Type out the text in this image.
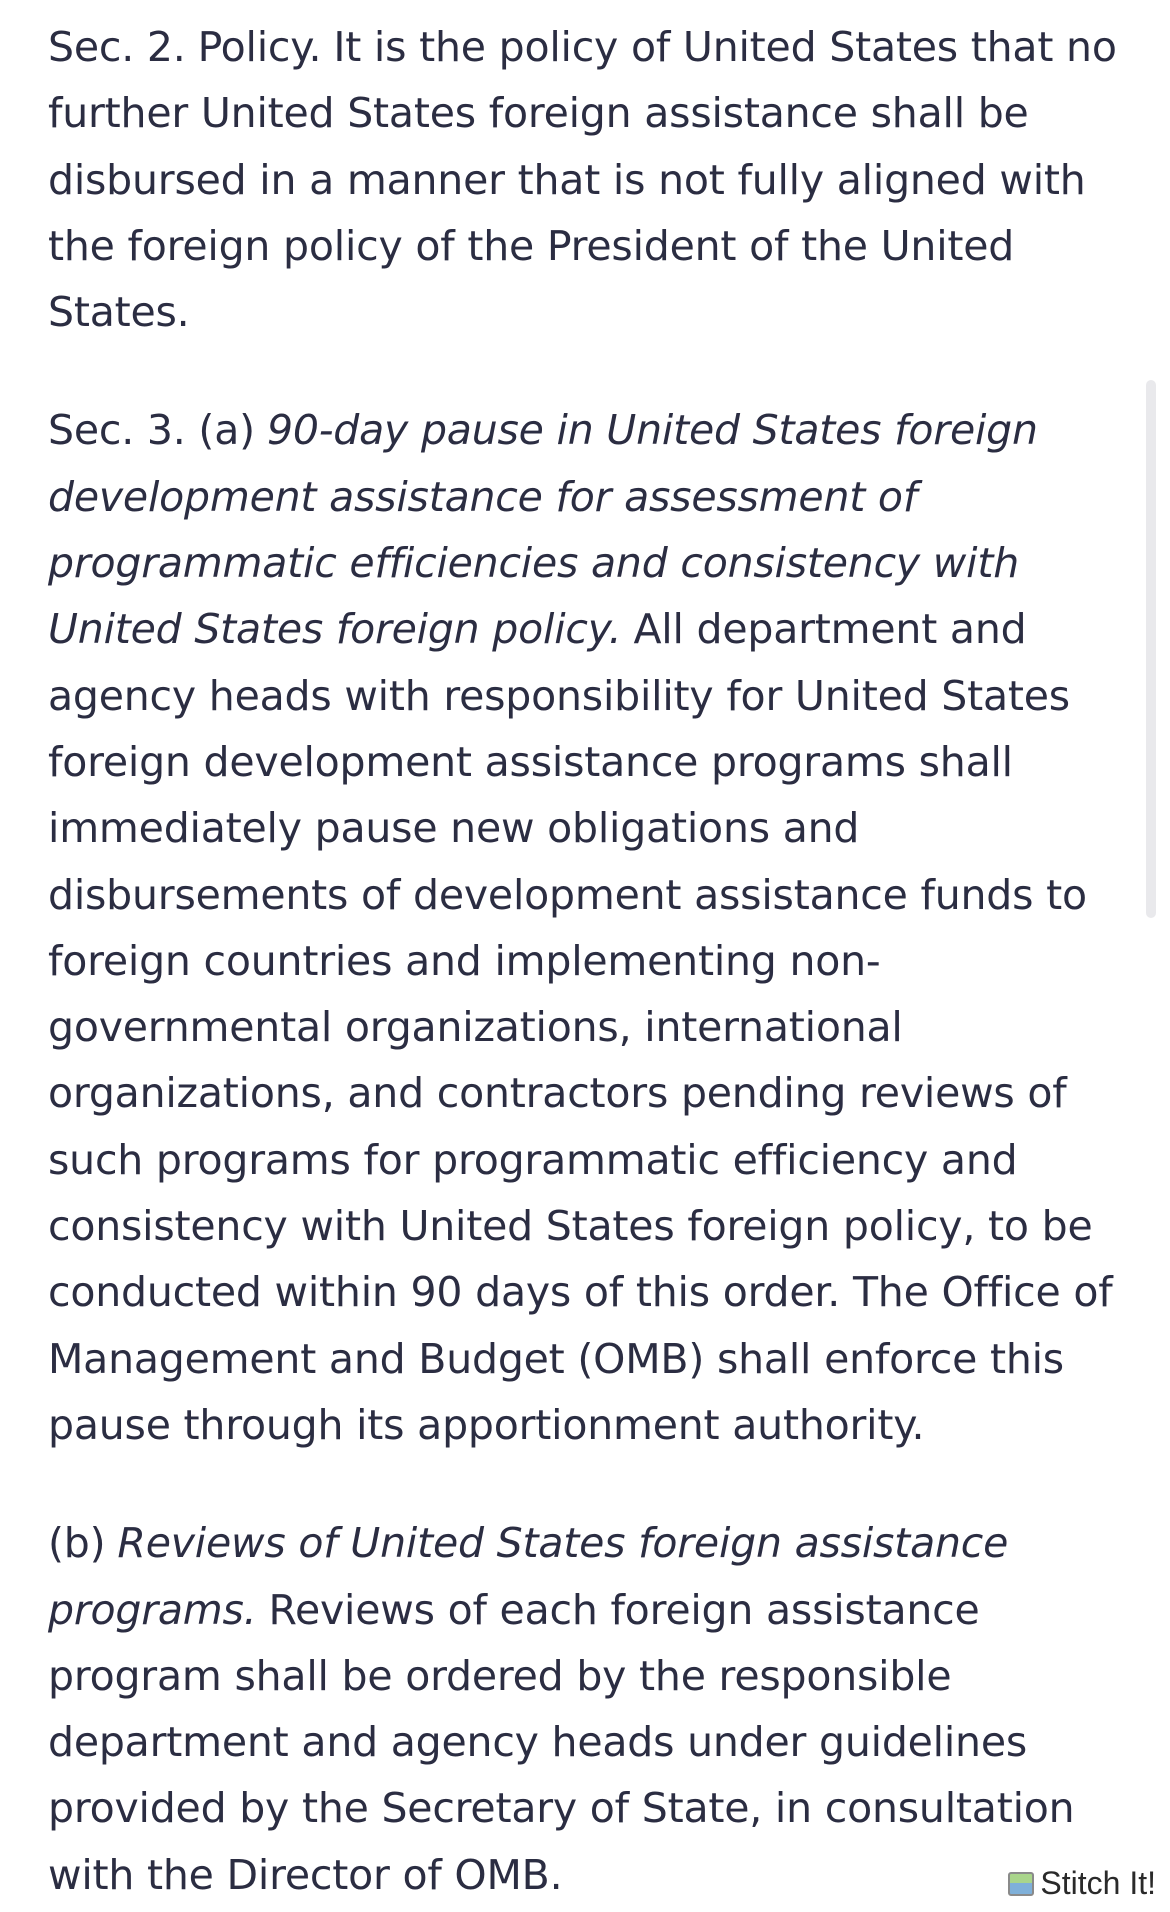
Sec. 2. Policy. It is the policy of United States that no further United States foreign assistance shall be disbursed in a manner that is not fully aligned with the foreign policy of the President of the United States.

Sec. 3. (a) 90-day pause in United States foreign development assistance for assessment of programmatic efficiencies and consistency with United States foreign policy. All department and agency heads with responsibility for United States foreign development assistance programs shall immediately pause new obligations and disbursements of development assistance funds to foreign countries and implementing non-governmental organizations, international organizations, and contractors pending reviews of such programs for programmatic efficiency and consistency with United States foreign policy, to be conducted within 90 days of this order. The Office of Management and Budget (OMB) shall enforce this pause through its apportionment authority.

(b) Reviews of United States foreign assistance programs. Reviews of each foreign assistance program shall be ordered by the responsible department and agency heads under guidelines provided by the Secretary of State, in consultation with the Director of OMB.	Stitch It!
